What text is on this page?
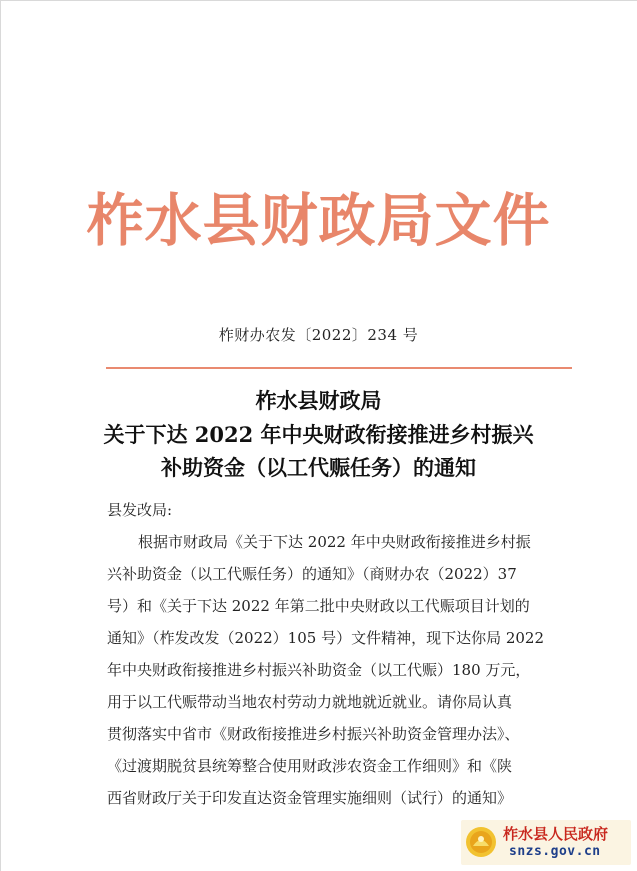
柞水县财政局文件
柞财办农发〔2022〕234 号
柞水县财政局
关于下达 2022 年中央财政衔接推进乡村振兴
补助资金（以工代赈任务）的通知
县发改局:
根据市财政局《关于下达 2022 年中央财政衔接推进乡村振
兴补助资金（以工代赈任务）的通知》（商财办农（2022）37
号）和《关于下达 2022 年第二批中央财政以工代赈项目计划的
通知》（柞发改发（2022）105 号）文件精神，现下达你局 2022
年中央财政衔接推进乡村振兴补助资金（以工代赈）180 万元，
用于以工代赈带动当地农村劳动力就地就近就业。请你局认真
贯彻落实中省市《财政衔接推进乡村振兴补助资金管理办法》、
《过渡期脱贫县统筹整合使用财政涉农资金工作细则》和《陕
西省财政厅关于印发直达资金管理实施细则（试行）的通知》
柞水县人民政府
snzs.gov.cn
